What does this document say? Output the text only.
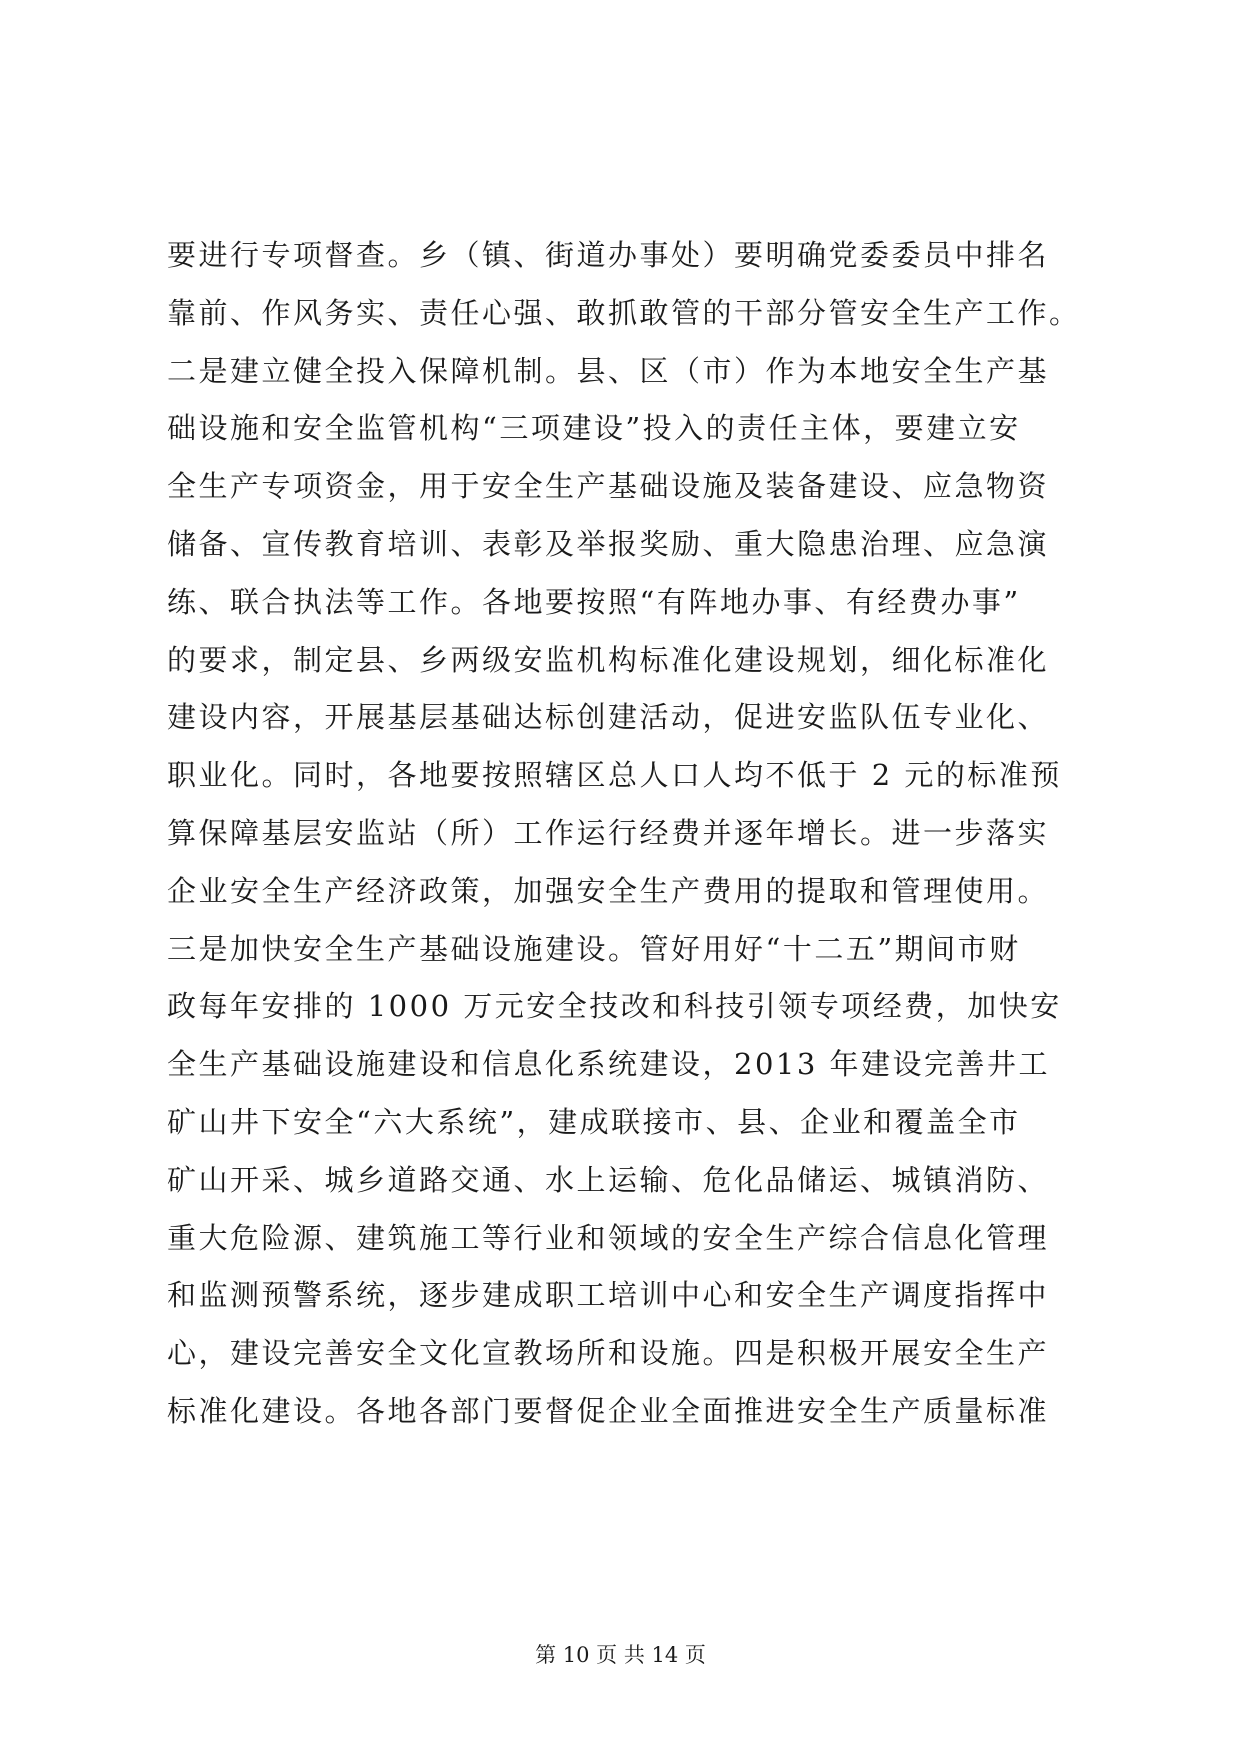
要进行专项督查。乡（镇、街道办事处）要明确党委委员中排名
靠前、作风务实、责任心强、敢抓敢管的干部分管安全生产工作。
二是建立健全投入保障机制。县、区（市）作为本地安全生产基
础设施和安全监管机构“三项建设”投入的责任主体，要建立安
全生产专项资金，用于安全生产基础设施及装备建设、应急物资
储备、宣传教育培训、表彰及举报奖励、重大隐患治理、应急演
练、联合执法等工作。各地要按照“有阵地办事、有经费办事”
的要求，制定县、乡两级安监机构标准化建设规划，细化标准化
建设内容，开展基层基础达标创建活动，促进安监队伍专业化、
职业化。同时，各地要按照辖区总人口人均不低于 2 元的标准预
算保障基层安监站（所）工作运行经费并逐年增长。进一步落实
企业安全生产经济政策，加强安全生产费用的提取和管理使用。
三是加快安全生产基础设施建设。管好用好“十二五”期间市财
政每年安排的 1000 万元安全技改和科技引领专项经费，加快安
全生产基础设施建设和信息化系统建设，2013 年建设完善井工
矿山井下安全“六大系统”，建成联接市、县、企业和覆盖全市
矿山开采、城乡道路交通、水上运输、危化品储运、城镇消防、
重大危险源、建筑施工等行业和领域的安全生产综合信息化管理
和监测预警系统，逐步建成职工培训中心和安全生产调度指挥中
心，建设完善安全文化宣教场所和设施。四是积极开展安全生产
标准化建设。各地各部门要督促企业全面推进安全生产质量标准
第 10 页 共 14 页
